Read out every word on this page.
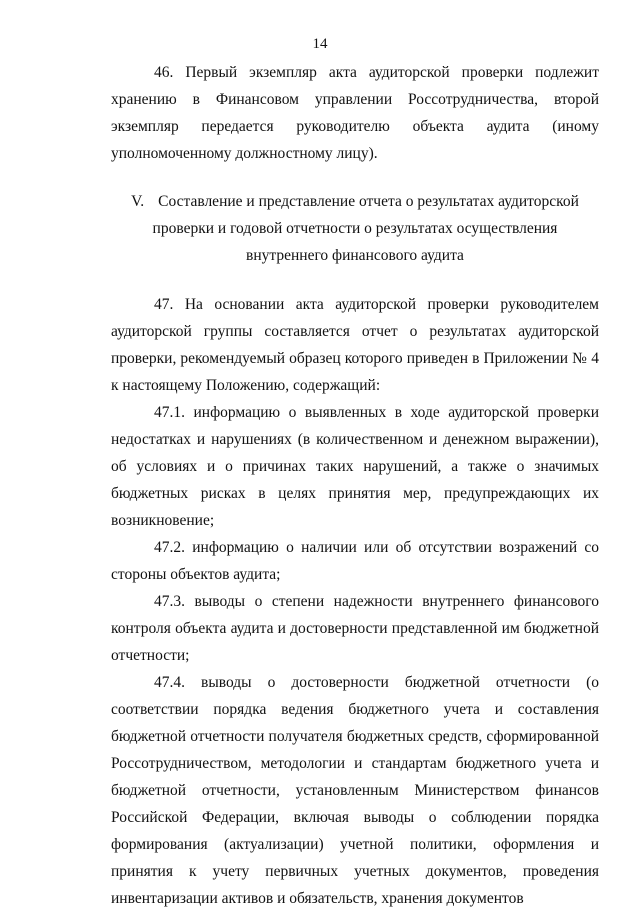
14

46. Первый экземпляр акта аудиторской проверки подлежит хранению в Финансовом управлении Россотрудничества, второй экземпляр передается руководителю объекта аудита (иному уполномоченному должностному лицу).

V. Составление и представление отчета о результатах аудиторской проверки и годовой отчетности о результатах осуществления внутреннего финансового аудита

47. На основании акта аудиторской проверки руководителем аудиторской группы составляется отчет о результатах аудиторской проверки, рекомендуемый образец которого приведен в Приложении № 4 к настоящему Положению, содержащий:

47.1. информацию о выявленных в ходе аудиторской проверки недостатках и нарушениях (в количественном и денежном выражении), об условиях и о причинах таких нарушений, а также о значимых бюджетных рисках в целях принятия мер, предупреждающих их возникновение;

47.2. информацию о наличии или об отсутствии возражений со стороны объектов аудита;

47.3. выводы о степени надежности внутреннего финансового контроля объекта аудита и достоверности представленной им бюджетной отчетности;

47.4. выводы о достоверности бюджетной отчетности (о соответствии порядка ведения бюджетного учета и составления бюджетной отчетности получателя бюджетных средств, сформированной Россотрудничеством, методологии и стандартам бюджетного учета и бюджетной отчетности, установленным Министерством финансов Российской Федерации, включая выводы о соблюдении порядка формирования (актуализации) учетной политики, оформления и принятия к учету первичных учетных документов, проведения инвентаризации активов и обязательств, хранения документов
